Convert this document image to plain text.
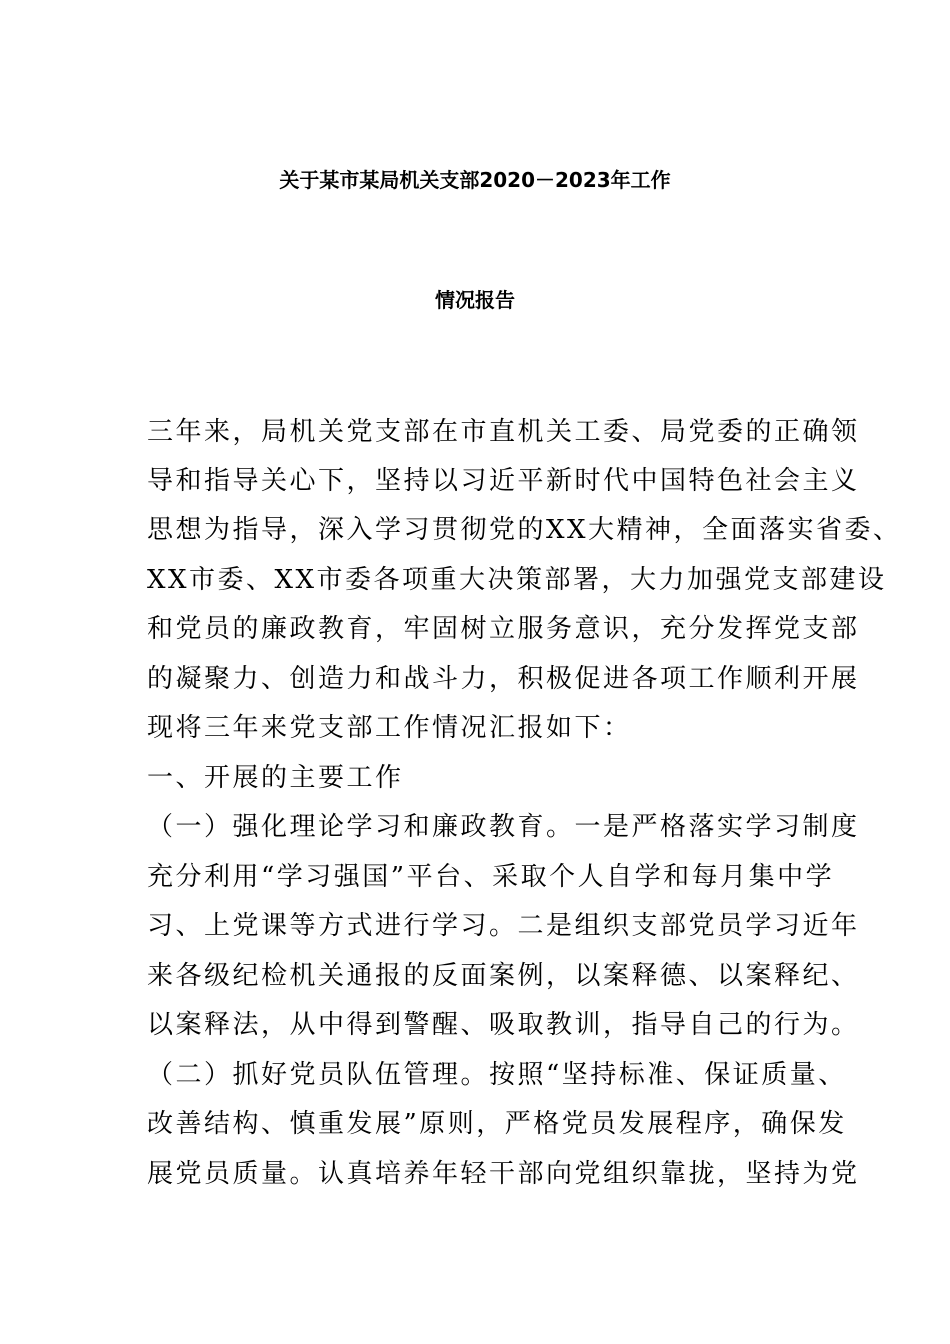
关于某市某局机关支部2020－2023年工作
情况报告
三年来，局机关党支部在市直机关工委、局党委的正确领
导和指导关心下，坚持以习近平新时代中国特色社会主义
思想为指导，深入学习贯彻党的XX大精神，全面落实省委、
XX市委、XX市委各项重大决策部署，大力加强党支部建设
和党员的廉政教育，牢固树立服务意识，充分发挥党支部
的凝聚力、创造力和战斗力，积极促进各项工作顺利开展
现将三年来党支部工作情况汇报如下：
一、开展的主要工作
（一）强化理论学习和廉政教育。一是严格落实学习制度
充分利用“学习强国”平台、采取个人自学和每月集中学
习、上党课等方式进行学习。二是组织支部党员学习近年
来各级纪检机关通报的反面案例，以案释德、以案释纪、
以案释法，从中得到警醒、吸取教训，指导自己的行为。
（二）抓好党员队伍管理。按照“坚持标准、保证质量、
改善结构、慎重发展”原则，严格党员发展程序，确保发
展党员质量。认真培养年轻干部向党组织靠拢，坚持为党
